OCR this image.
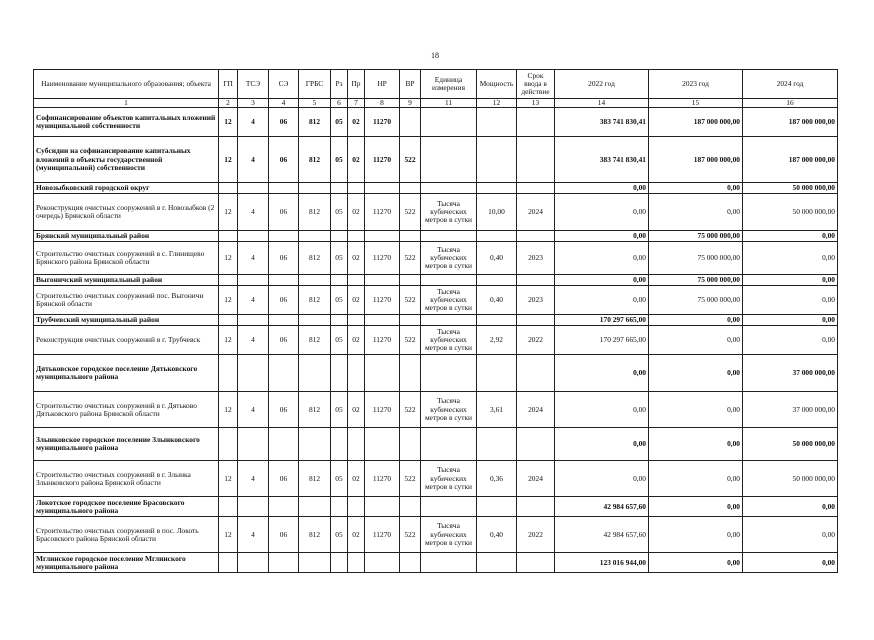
18
Наименование муниципального образования; объекта	ГП	ТСЭ	СЭ	ГРБС	Рз	Пр	НР	ВР	Единица измерения	Мощность	Срок ввода в действие	2022 год	2023 год	2024 год
1	2	3	4	5	6	7	8	9	11	12	13	14	15	16
Софинансирование объектов капитальных вложений муниципальной собственности	12	4	06	812	05	02	11270					383 741 830,41	187 000 000,00	187 000 000,00
Субсидии на софинансирование капитальных вложений в объекты государственной (муниципальной) собственности	12	4	06	812	05	02	11270	522				383 741 830,41	187 000 000,00	187 000 000,00
Новозыбковский городской округ												0,00	0,00	50 000 000,00
Реконструкция очистных сооружений в г. Новозыбков (2 очередь) Брянской области	12	4	06	812	05	02	11270	522	Тысяча кубических метров в сутки	10,00	2024	0,00	0,00	50 000 000,00
Брянский муниципальный район												0,00	75 000 000,00	0,00
Строительство очистных сооружений в с. Глинищево Брянского района Брянской области	12	4	06	812	05	02	11270	522	Тысяча кубических метров в сутки	0,40	2023	0,00	75 000 000,00	0,00
Выгоничский муниципальный район												0,00	75 000 000,00	0,00
Строительство очистных сооружений пос. Выгоничи Брянской области	12	4	06	812	05	02	11270	522	Тысяча кубических метров в сутки	0,40	2023	0,00	75 000 000,00	0,00
Трубчевский муниципальный район												170 297 665,00	0,00	0,00
Реконструкция очистных сооружений в г. Трубчевск	12	4	06	812	05	02	11270	522	Тысяча кубических метров в сутки	2,92	2022	170 297 665,00	0,00	0,00
Дятьковское городское поселение Дятьковского муниципального района												0,00	0,00	37 000 000,00
Строительство очистных сооружений в г. Дятьково Дятьковского района Брянской области	12	4	06	812	05	02	11270	522	Тысяча кубических метров в сутки	3,61	2024	0,00	0,00	37 000 000,00
Злынковское городское поселение Злынковского муниципального района												0,00	0,00	50 000 000,00
Строительство очистных сооружений в г. Злынка Злынковского района Брянской области	12	4	06	812	05	02	11270	522	Тысяча кубических метров в сутки	0,36	2024	0,00	0,00	50 000 000,00
Локотское городское поселение Брасовского муниципального района												42 984 657,60	0,00	0,00
Строительство очистных сооружений в пос. Локоть Брасовского района Брянской области	12	4	06	812	05	02	11270	522	Тысяча кубических метров в сутки	0,40	2022	42 984 657,60	0,00	0,00
Мглинское городское поселение Мглинского муниципального района												123 016 944,00	0,00	0,00
